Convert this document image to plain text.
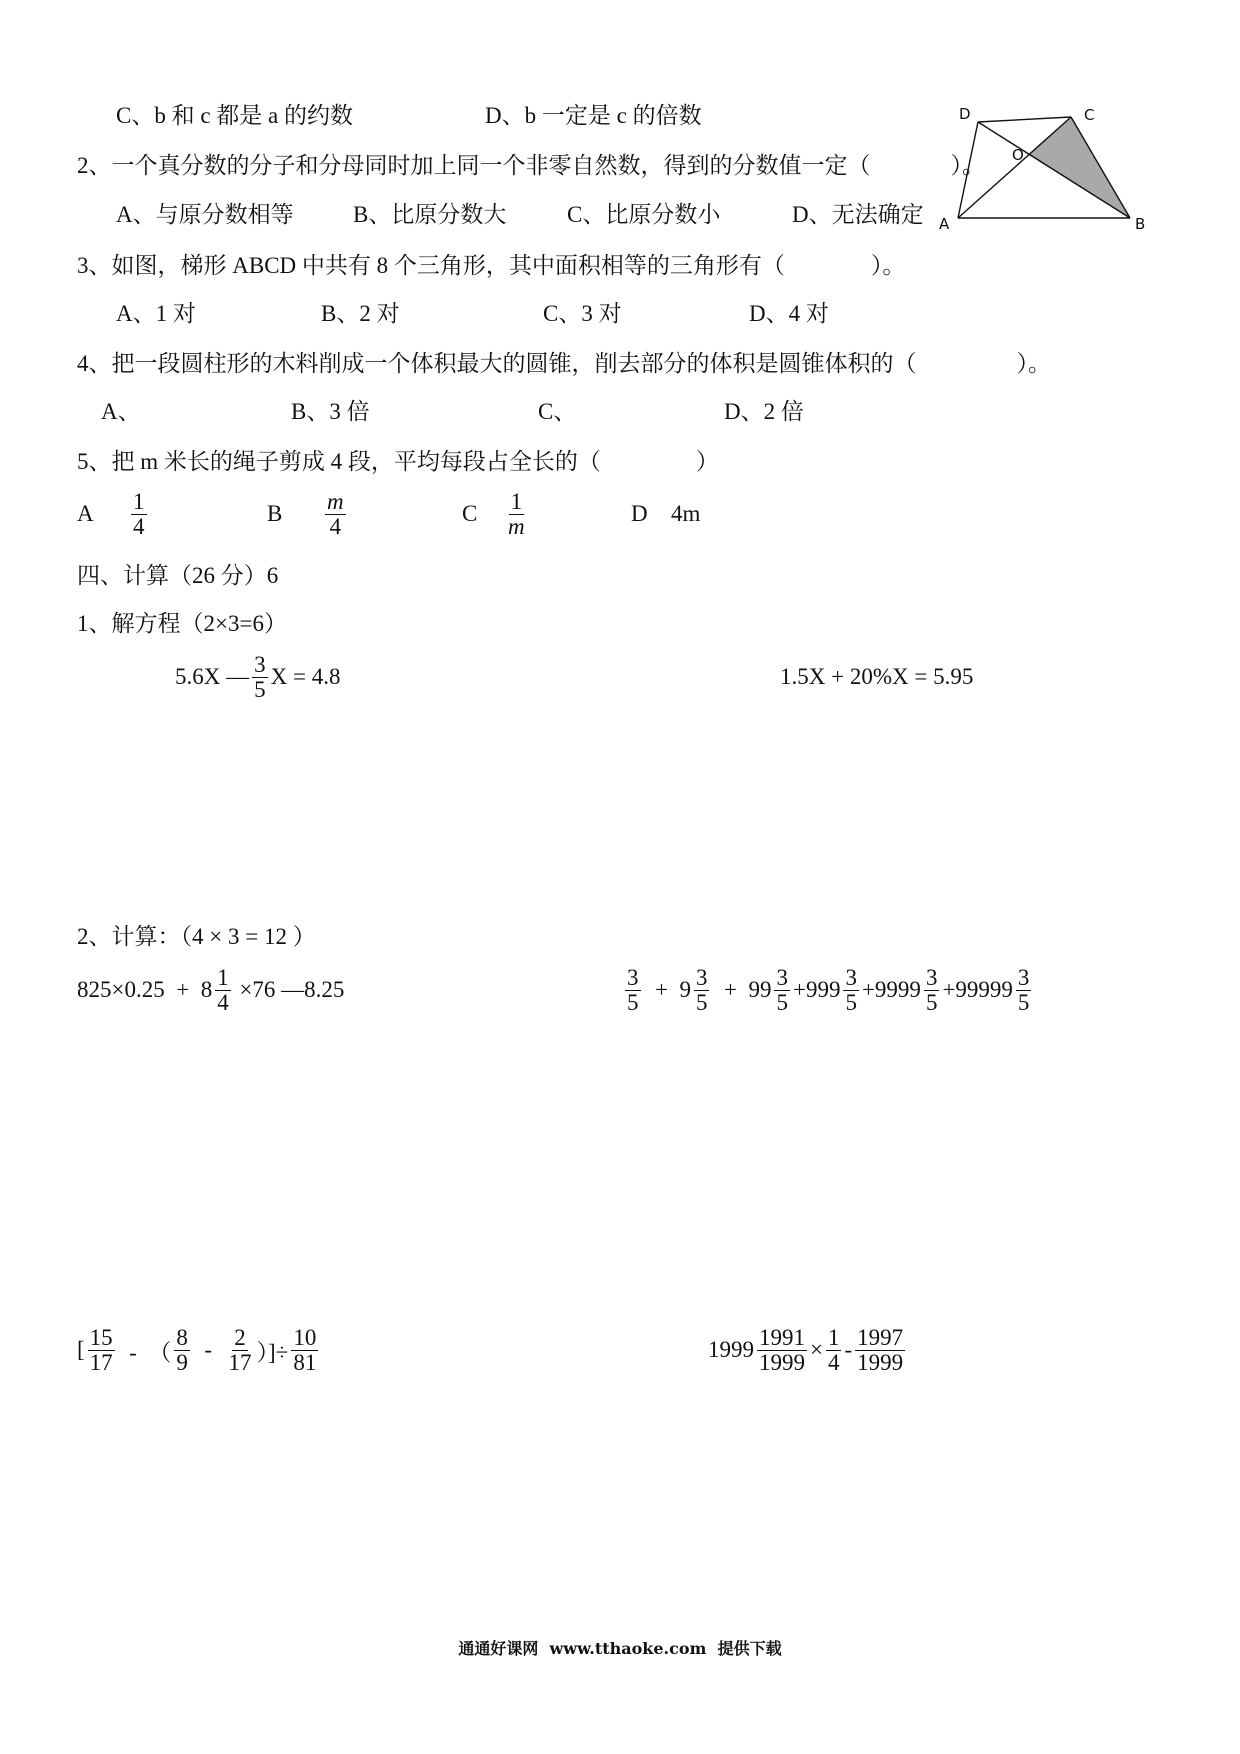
C、b 和 c 都是 a 的约数	D、b 一定是 c 的倍数	D	C
O
A	B
2、一个真分数的分子和分母同时加上同一个非零自然数，得到的分数值一定（	）。
A、与原分数相等	B、比原分数大	C、比原分数小	D、无法确定
3、如图，梯形 ABCD 中共有 8 个三角形，其中面积相等的三角形有（	）。
A、1 对	B、2 对	C、3 对	D、4 对
4、把一段圆柱形的木料削成一个体积最大的圆锥，削去部分的体积是圆锥体积的（	）。
A、	B、3 倍	C、	D、2 倍
5、把 m 米长的绳子剪成 4 段，平均每段占全长的（	）
A $\frac{1}{4}$	B $\frac{m}{4}$	C $\frac{1}{m}$	D 4m
四、计算（26 分）6
1、解方程（2×3=6）
5.6X — $\frac{3}{5}$ X = 4.8	1.5X + 20%X = 5.95
2、计算：（4 × 3 = 12 ）
$825\times 0.25 + 8 \frac{1}{4} \times 76$ —8.25	$\frac{3}{5} + 9 \frac{3}{5} + 99 \frac{3}{5} +999 \frac{3}{5} +9999 \frac{3}{5} +99999 \frac{3}{5}$
[ $\frac{15}{17}$ -  （ $\frac{8}{9} - \frac{2}{17}$ ）]÷ $\frac{10}{81}$	$1999 \frac{1991}{1999} \times \frac{1}{4} - \frac{1997}{1999}$
通通好课网  www.tthaoke.com  提供下载
